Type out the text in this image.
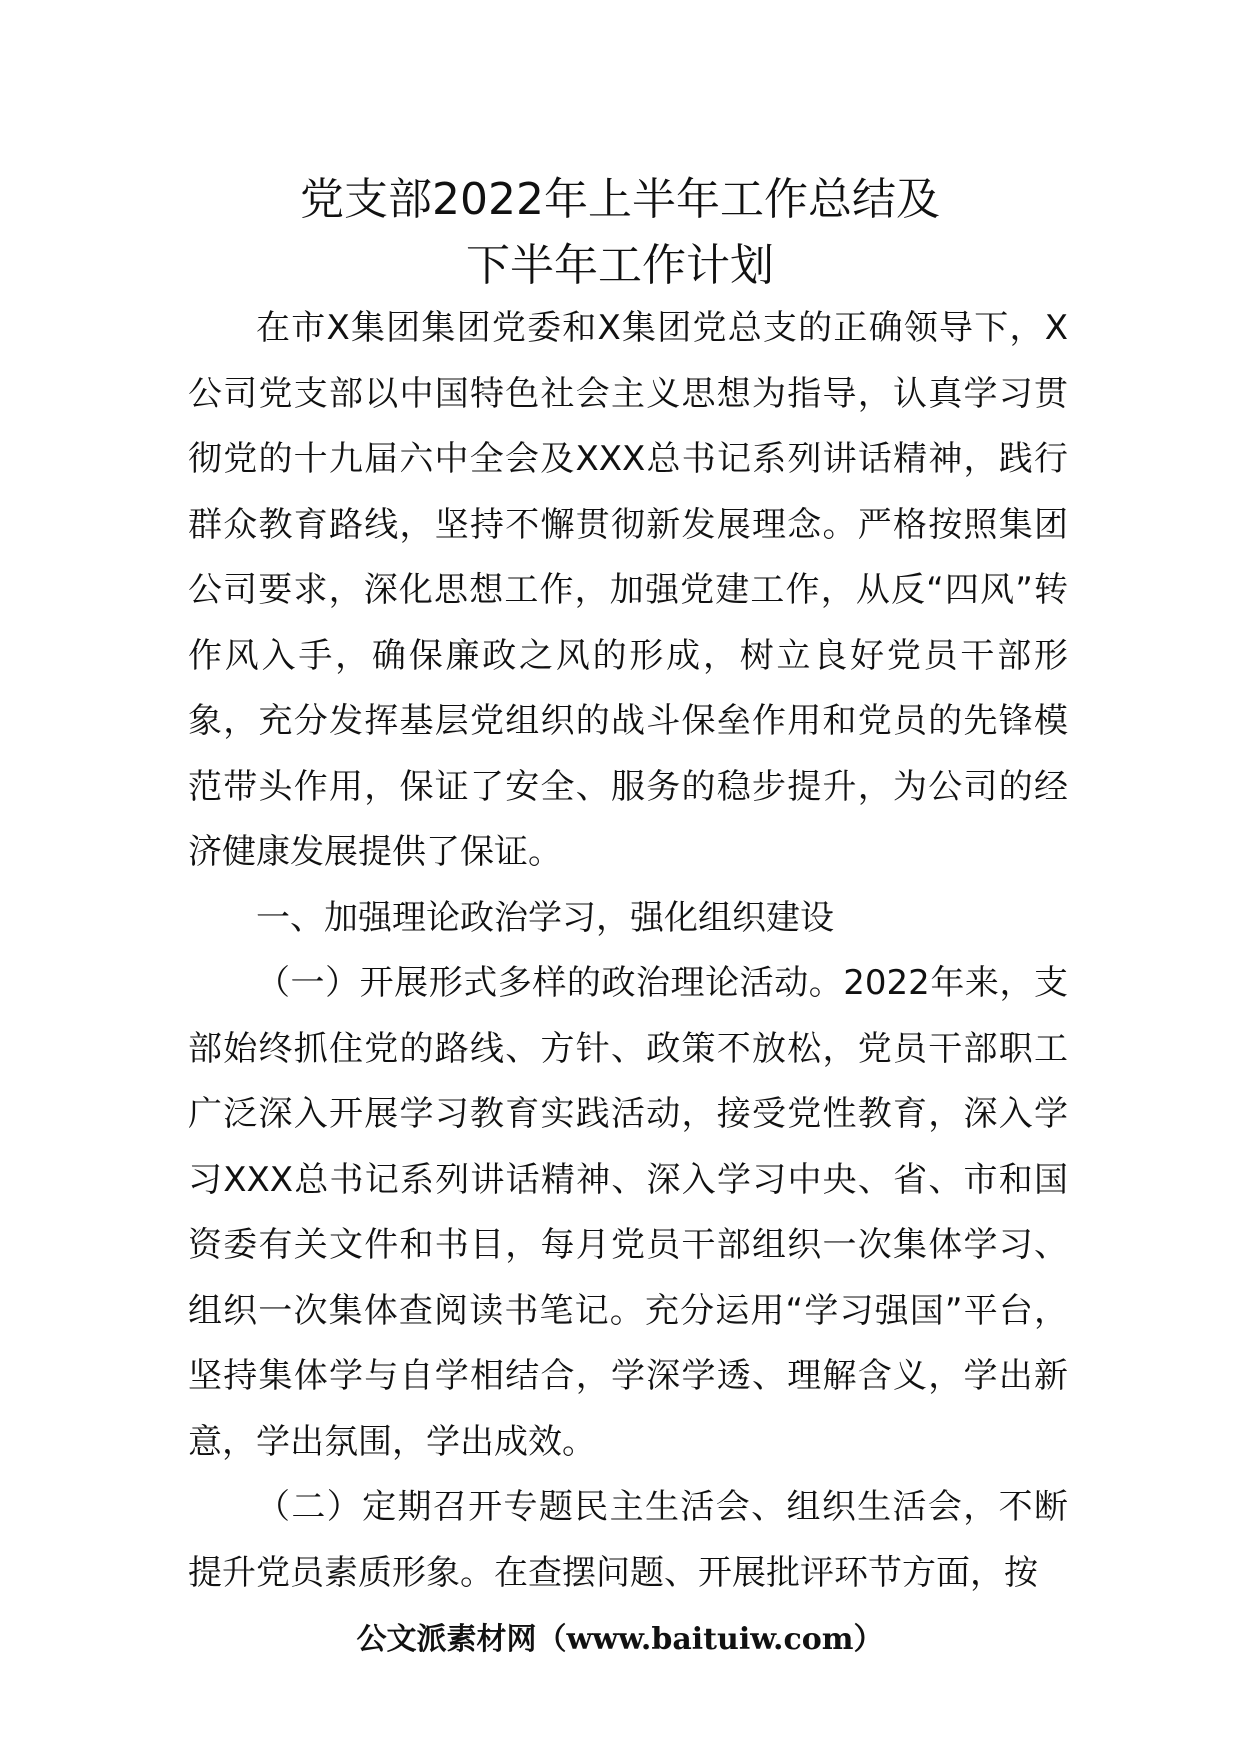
党支部2022年上半年工作总结及
下半年工作计划

在市X集团集团党委和X集团党总支的正确领导下，X公司党支部以中国特色社会主义思想为指导，认真学习贯彻党的十九届六中全会及XXX总书记系列讲话精神，践行群众教育路线，坚持不懈贯彻新发展理念。严格按照集团公司要求，深化思想工作，加强党建工作，从反“四风”转作风入手，确保廉政之风的形成，树立良好党员干部形象，充分发挥基层党组织的战斗保垒作用和党员的先锋模范带头作用，保证了安全、服务的稳步提升，为公司的经济健康发展提供了保证。

一、加强理论政治学习，强化组织建设

（一）开展形式多样的政治理论活动。2022年来，支部始终抓住党的路线、方针、政策不放松，党员干部职工广泛深入开展学习教育实践活动，接受党性教育，深入学习XXX总书记系列讲话精神、深入学习中央、省、市和国资委有关文件和书目，每月党员干部组织一次集体学习、组织一次集体查阅读书笔记。充分运用“学习强国”平台，坚持集体学与自学相结合，学深学透、理解含义，学出新意，学出氛围，学出成效。

（二）定期召开专题民主生活会、组织生活会，不断提升党员素质形象。在查摆问题、开展批评环节方面，按

公文派素材网（www.baituiw.com）
